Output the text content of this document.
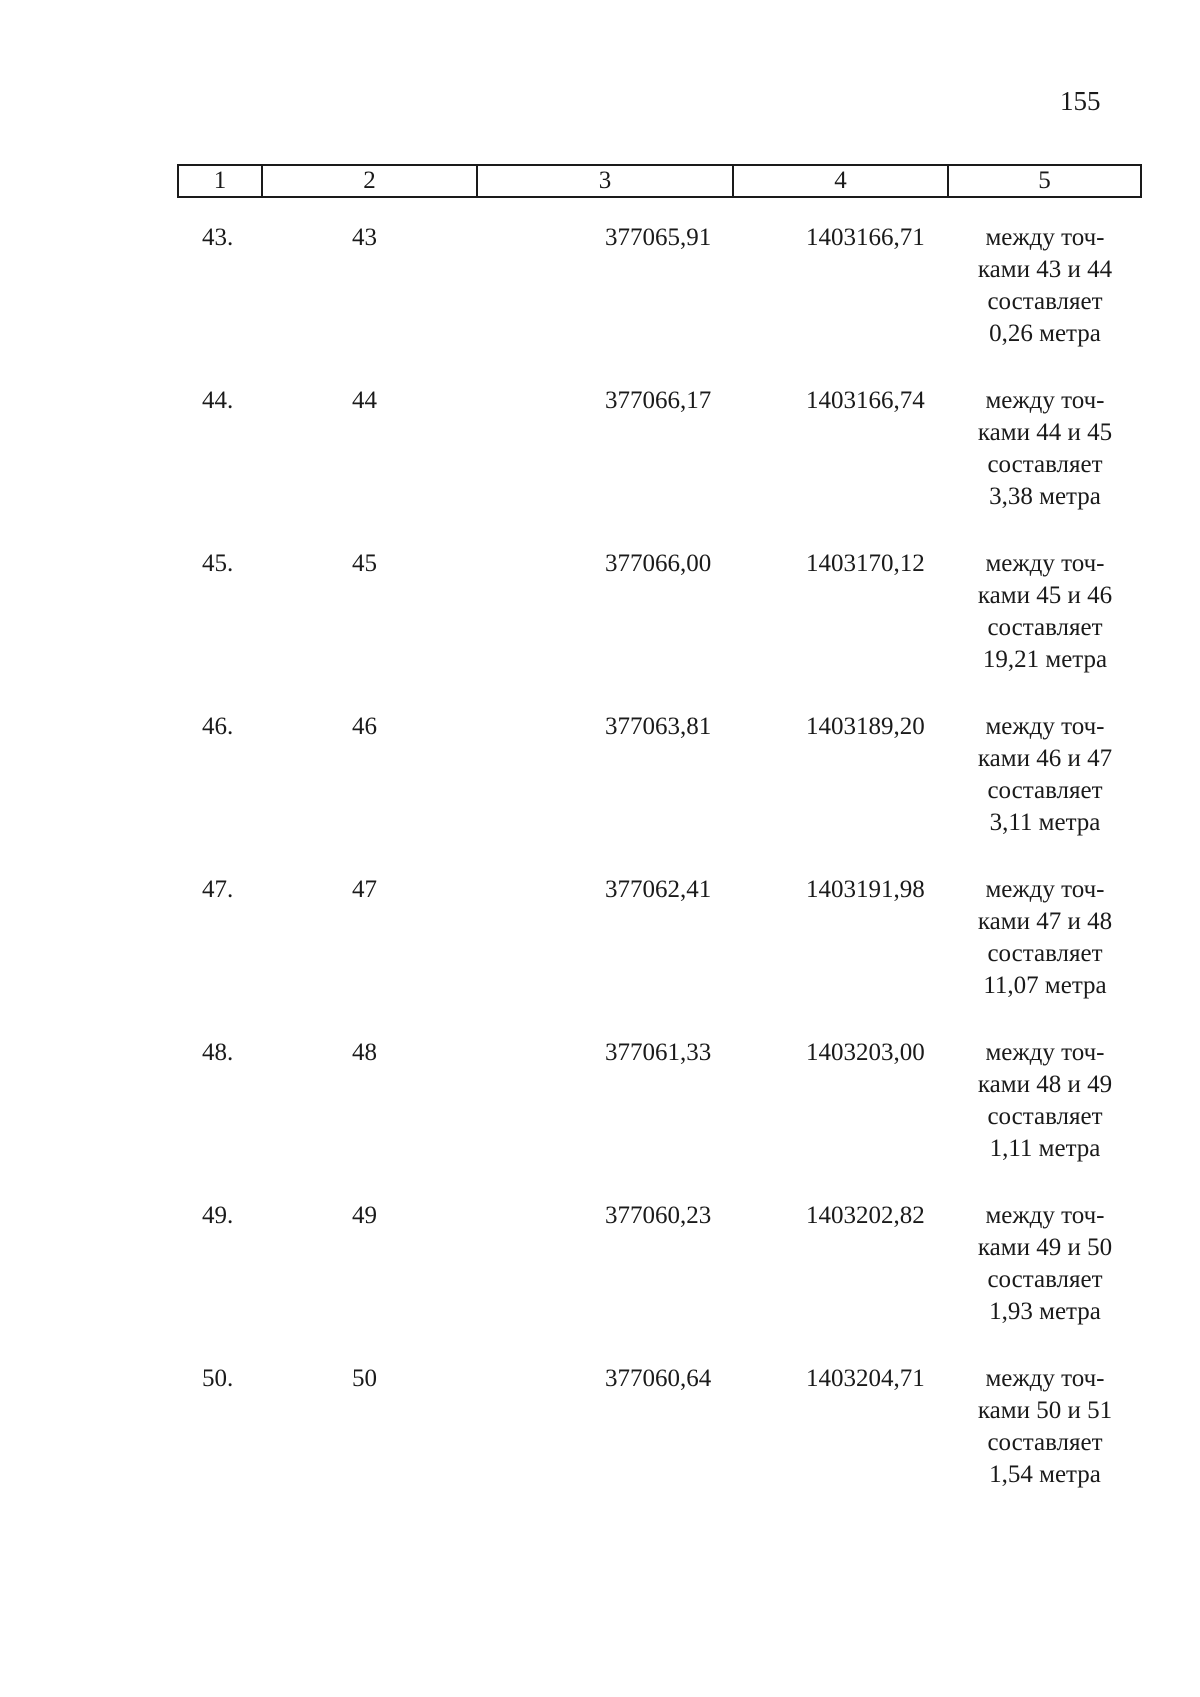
155
1	2	3	4	5
43.	43	377065,91	1403166,71	между точ-
ками 43 и 44
составляет
0,26 метра
44.	44	377066,17	1403166,74	между точ-
ками 44 и 45
составляет
3,38 метра
45.	45	377066,00	1403170,12	между точ-
ками 45 и 46
составляет
19,21 метра
46.	46	377063,81	1403189,20	между точ-
ками 46 и 47
составляет
3,11 метра
47.	47	377062,41	1403191,98	между точ-
ками 47 и 48
составляет
11,07 метра
48.	48	377061,33	1403203,00	между точ-
ками 48 и 49
составляет
1,11 метра
49.	49	377060,23	1403202,82	между точ-
ками 49 и 50
составляет
1,93 метра
50.	50	377060,64	1403204,71	между точ-
ками 50 и 51
составляет
1,54 метра
